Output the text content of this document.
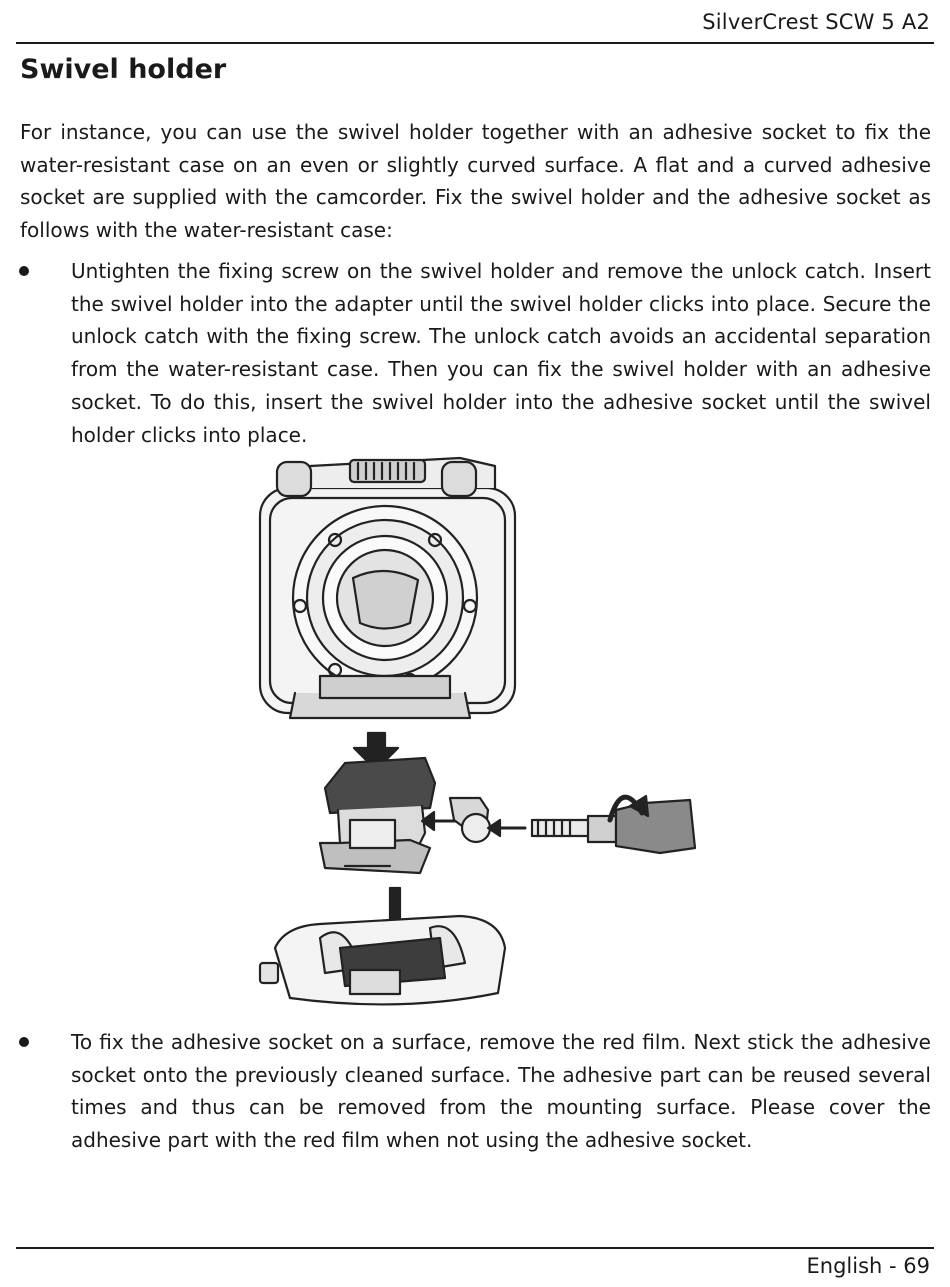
SilverCrest SCW 5 A2
Swivel holder

For instance, you can use the swivel holder together with an adhesive socket to fix the water-resistant case on an even or slightly curved surface. A flat and a curved adhesive socket are supplied with the camcorder. Fix the swivel holder and the adhesive socket as follows with the water-resistant case:

Untighten the fixing screw on the swivel holder and remove the unlock catch. Insert the swivel holder into the adapter until the swivel holder clicks into place. Secure the unlock catch with the fixing screw. The unlock catch avoids an accidental separation from the water-resistant case. Then you can fix the swivel holder with an adhesive socket. To do this, insert the swivel holder into the adhesive socket until the swivel holder clicks into place.

To fix the adhesive socket on a surface, remove the red film. Next stick the adhesive socket onto the previously cleaned surface. The adhesive part can be reused several times and thus can be removed from the mounting surface. Please cover the adhesive part with the red film when not using the adhesive socket.

English - 69
